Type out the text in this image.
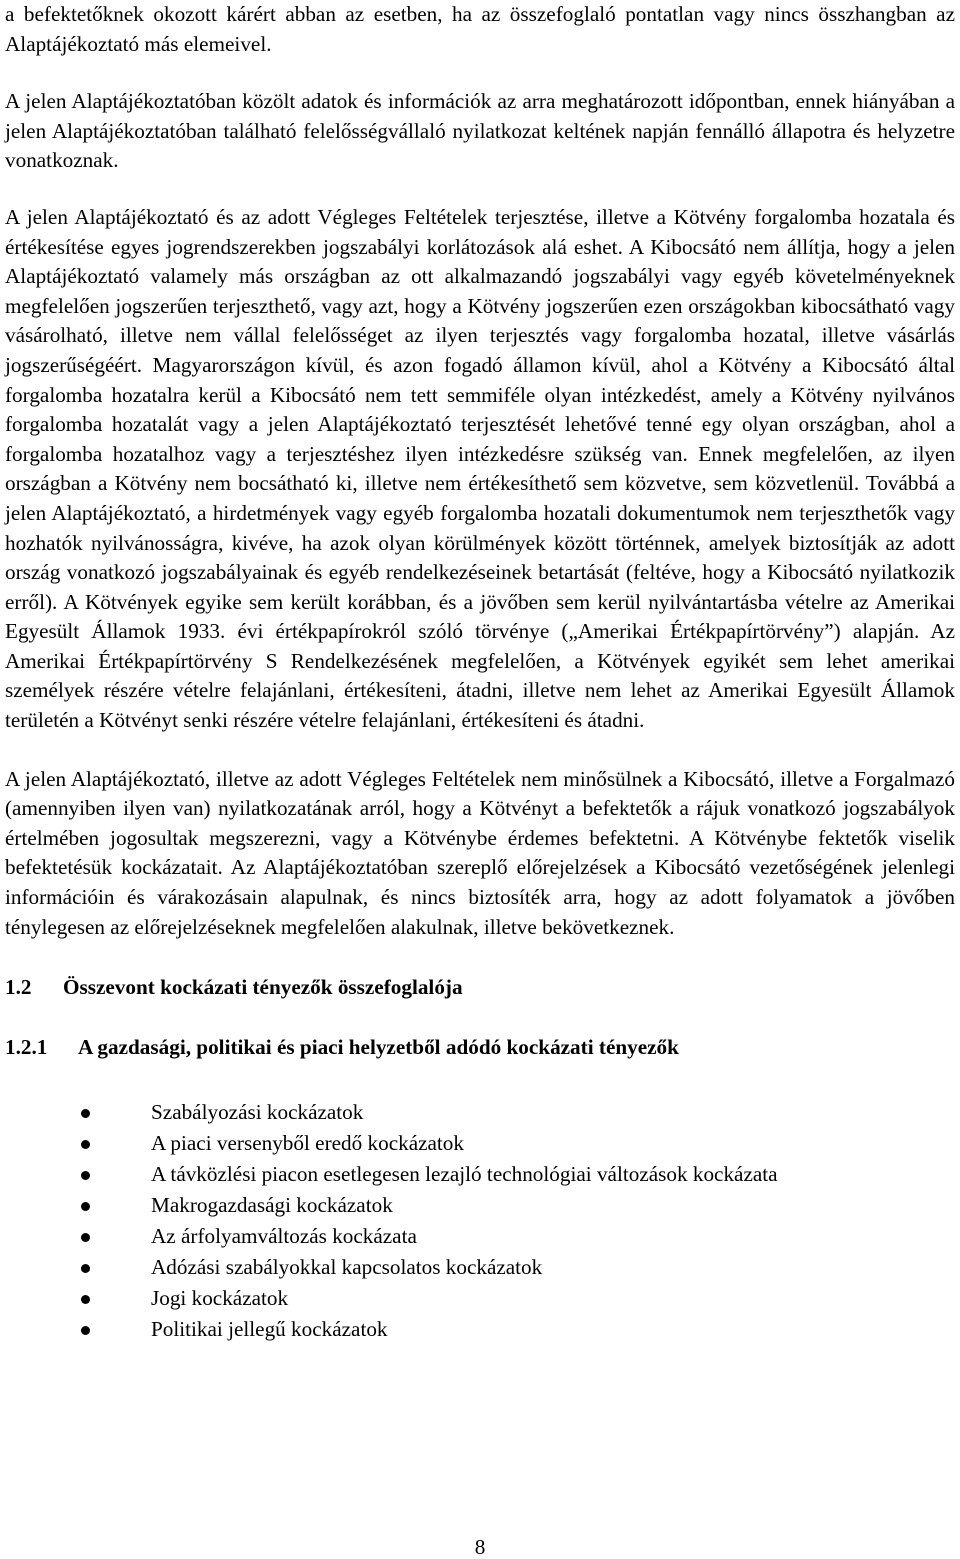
a befektetőknek okozott kárért abban az esetben, ha az összefoglaló pontatlan vagy nincs összhangban az Alaptájékoztató más elemeivel.

A jelen Alaptájékoztatóban közölt adatok és információk az arra meghatározott időpontban, ennek hiányában a jelen Alaptájékoztatóban található felelősségvállaló nyilatkozat keltének napján fennálló állapotra és helyzetre vonatkoznak.

A jelen Alaptájékoztató és az adott Végleges Feltételek terjesztése, illetve a Kötvény forgalomba hozatala és értékesítése egyes jogrendszerekben jogszabályi korlátozások alá eshet. A Kibocsátó nem állítja, hogy a jelen Alaptájékoztató valamely más országban az ott alkalmazandó jogszabályi vagy egyéb követelményeknek megfelelően jogszerűen terjeszthető, vagy azt, hogy a Kötvény jogszerűen ezen országokban kibocsátható vagy vásárolható, illetve nem vállal felelősséget az ilyen terjesztés vagy forgalomba hozatal, illetve vásárlás jogszerűségéért. Magyarországon kívül, és azon fogadó államon kívül, ahol a Kötvény a Kibocsátó által forgalomba hozatalra kerül a Kibocsátó nem tett semmiféle olyan intézkedést, amely a Kötvény nyilvános forgalomba hozatalát vagy a jelen Alaptájékoztató terjesztését lehetővé tenné egy olyan országban, ahol a forgalomba hozatalhoz vagy a terjesztéshez ilyen intézkedésre szükség van. Ennek megfelelően, az ilyen országban a Kötvény nem bocsátható ki, illetve nem értékesíthető sem közvetve, sem közvetlenül. Továbbá a jelen Alaptájékoztató, a hirdetmények vagy egyéb forgalomba hozatali dokumentumok nem terjeszthetők vagy hozhatók nyilvánosságra, kivéve, ha azok olyan körülmények között történnek, amelyek biztosítják az adott ország vonatkozó jogszabályainak és egyéb rendelkezéseinek betartását (feltéve, hogy a Kibocsátó nyilatkozik erről). A Kötvények egyike sem került korábban, és a jövőben sem kerül nyilvántartásba vételre az Amerikai Egyesült Államok 1933. évi értékpapírokról szóló törvénye („Amerikai Értékpapírtörvény”) alapján. Az Amerikai Értékpapírtörvény S Rendelkezésének megfelelően, a Kötvények egyikét sem lehet amerikai személyek részére vételre felajánlani, értékesíteni, átadni, illetve nem lehet az Amerikai Egyesült Államok területén a Kötvényt senki részére vételre felajánlani, értékesíteni és átadni.

A jelen Alaptájékoztató, illetve az adott Végleges Feltételek nem minősülnek a Kibocsátó, illetve a Forgalmazó (amennyiben ilyen van) nyilatkozatának arról, hogy a Kötvényt a befektetők a rájuk vonatkozó jogszabályok értelmében jogosultak megszerezni, vagy a Kötvénybe érdemes befektetni. A Kötvénybe fektetők viselik befektetésük kockázatait. Az Alaptájékoztatóban szereplő előrejelzések a Kibocsátó vezetőségének jelenlegi információin és várakozásain alapulnak, és nincs biztosíték arra, hogy az adott folyamatok a jövőben ténylegesen az előrejelzéseknek megfelelően alakulnak, illetve bekövetkeznek.

1.2	Összevont kockázati tényezők összefoglalója
1.2.1	A gazdasági, politikai és piaci helyzetből adódó kockázati tényezők
Szabályozási kockázatok
A piaci versenyből eredő kockázatok
A távközlési piacon esetlegesen lezajló technológiai változások kockázata
Makrogazdasági kockázatok
Az árfolyamváltozás kockázata
Adózási szabályokkal kapcsolatos kockázatok
Jogi kockázatok
Politikai jellegű kockázatok
8
